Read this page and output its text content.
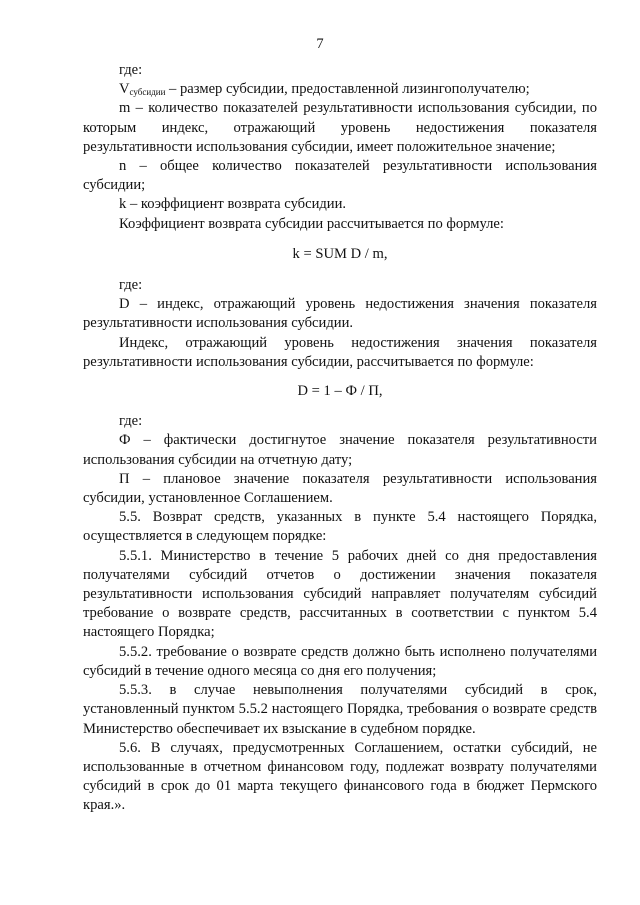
7

где:

$V_{субсидии}$ – размер субсидии, предоставленной лизингополучателю;

m – количество показателей результативности использования субсидии, по которым индекс, отражающий уровень недостижения показателя результативности использования субсидии, имеет положительное значение;

n – общее количество показателей результативности использования субсидии;

k – коэффициент возврата субсидии.

Коэффициент возврата субсидии рассчитывается по формуле:

k = SUM D / m,

где:

D – индекс, отражающий уровень недостижения значения показателя результативности использования субсидии.

Индекс, отражающий уровень недостижения значения показателя результативности использования субсидии, рассчитывается по формуле:

D = 1 – Ф / П,

где:

Ф – фактически достигнутое значение показателя результативности использования субсидии на отчетную дату;

П – плановое значение показателя результативности использования субсидии, установленное Соглашением.

5.5. Возврат средств, указанных в пункте 5.4 настоящего Порядка, осуществляется в следующем порядке:

5.5.1. Министерство в течение 5 рабочих дней со дня предоставления получателями субсидий отчетов о достижении значения показателя результативности использования субсидий направляет получателям субсидий требование о возврате средств, рассчитанных в соответствии с пунктом 5.4 настоящего Порядка;

5.5.2. требование о возврате средств должно быть исполнено получателями субсидий в течение одного месяца со дня его получения;

5.5.3. в случае невыполнения получателями субсидий в срок, установленный пунктом 5.5.2 настоящего Порядка, требования о возврате средств Министерство обеспечивает их взыскание в судебном порядке.

5.6. В случаях, предусмотренных Соглашением, остатки субсидий, не использованные в отчетном финансовом году, подлежат возврату получателями субсидий в срок до 01 марта текущего финансового года в бюджет Пермского края.».
